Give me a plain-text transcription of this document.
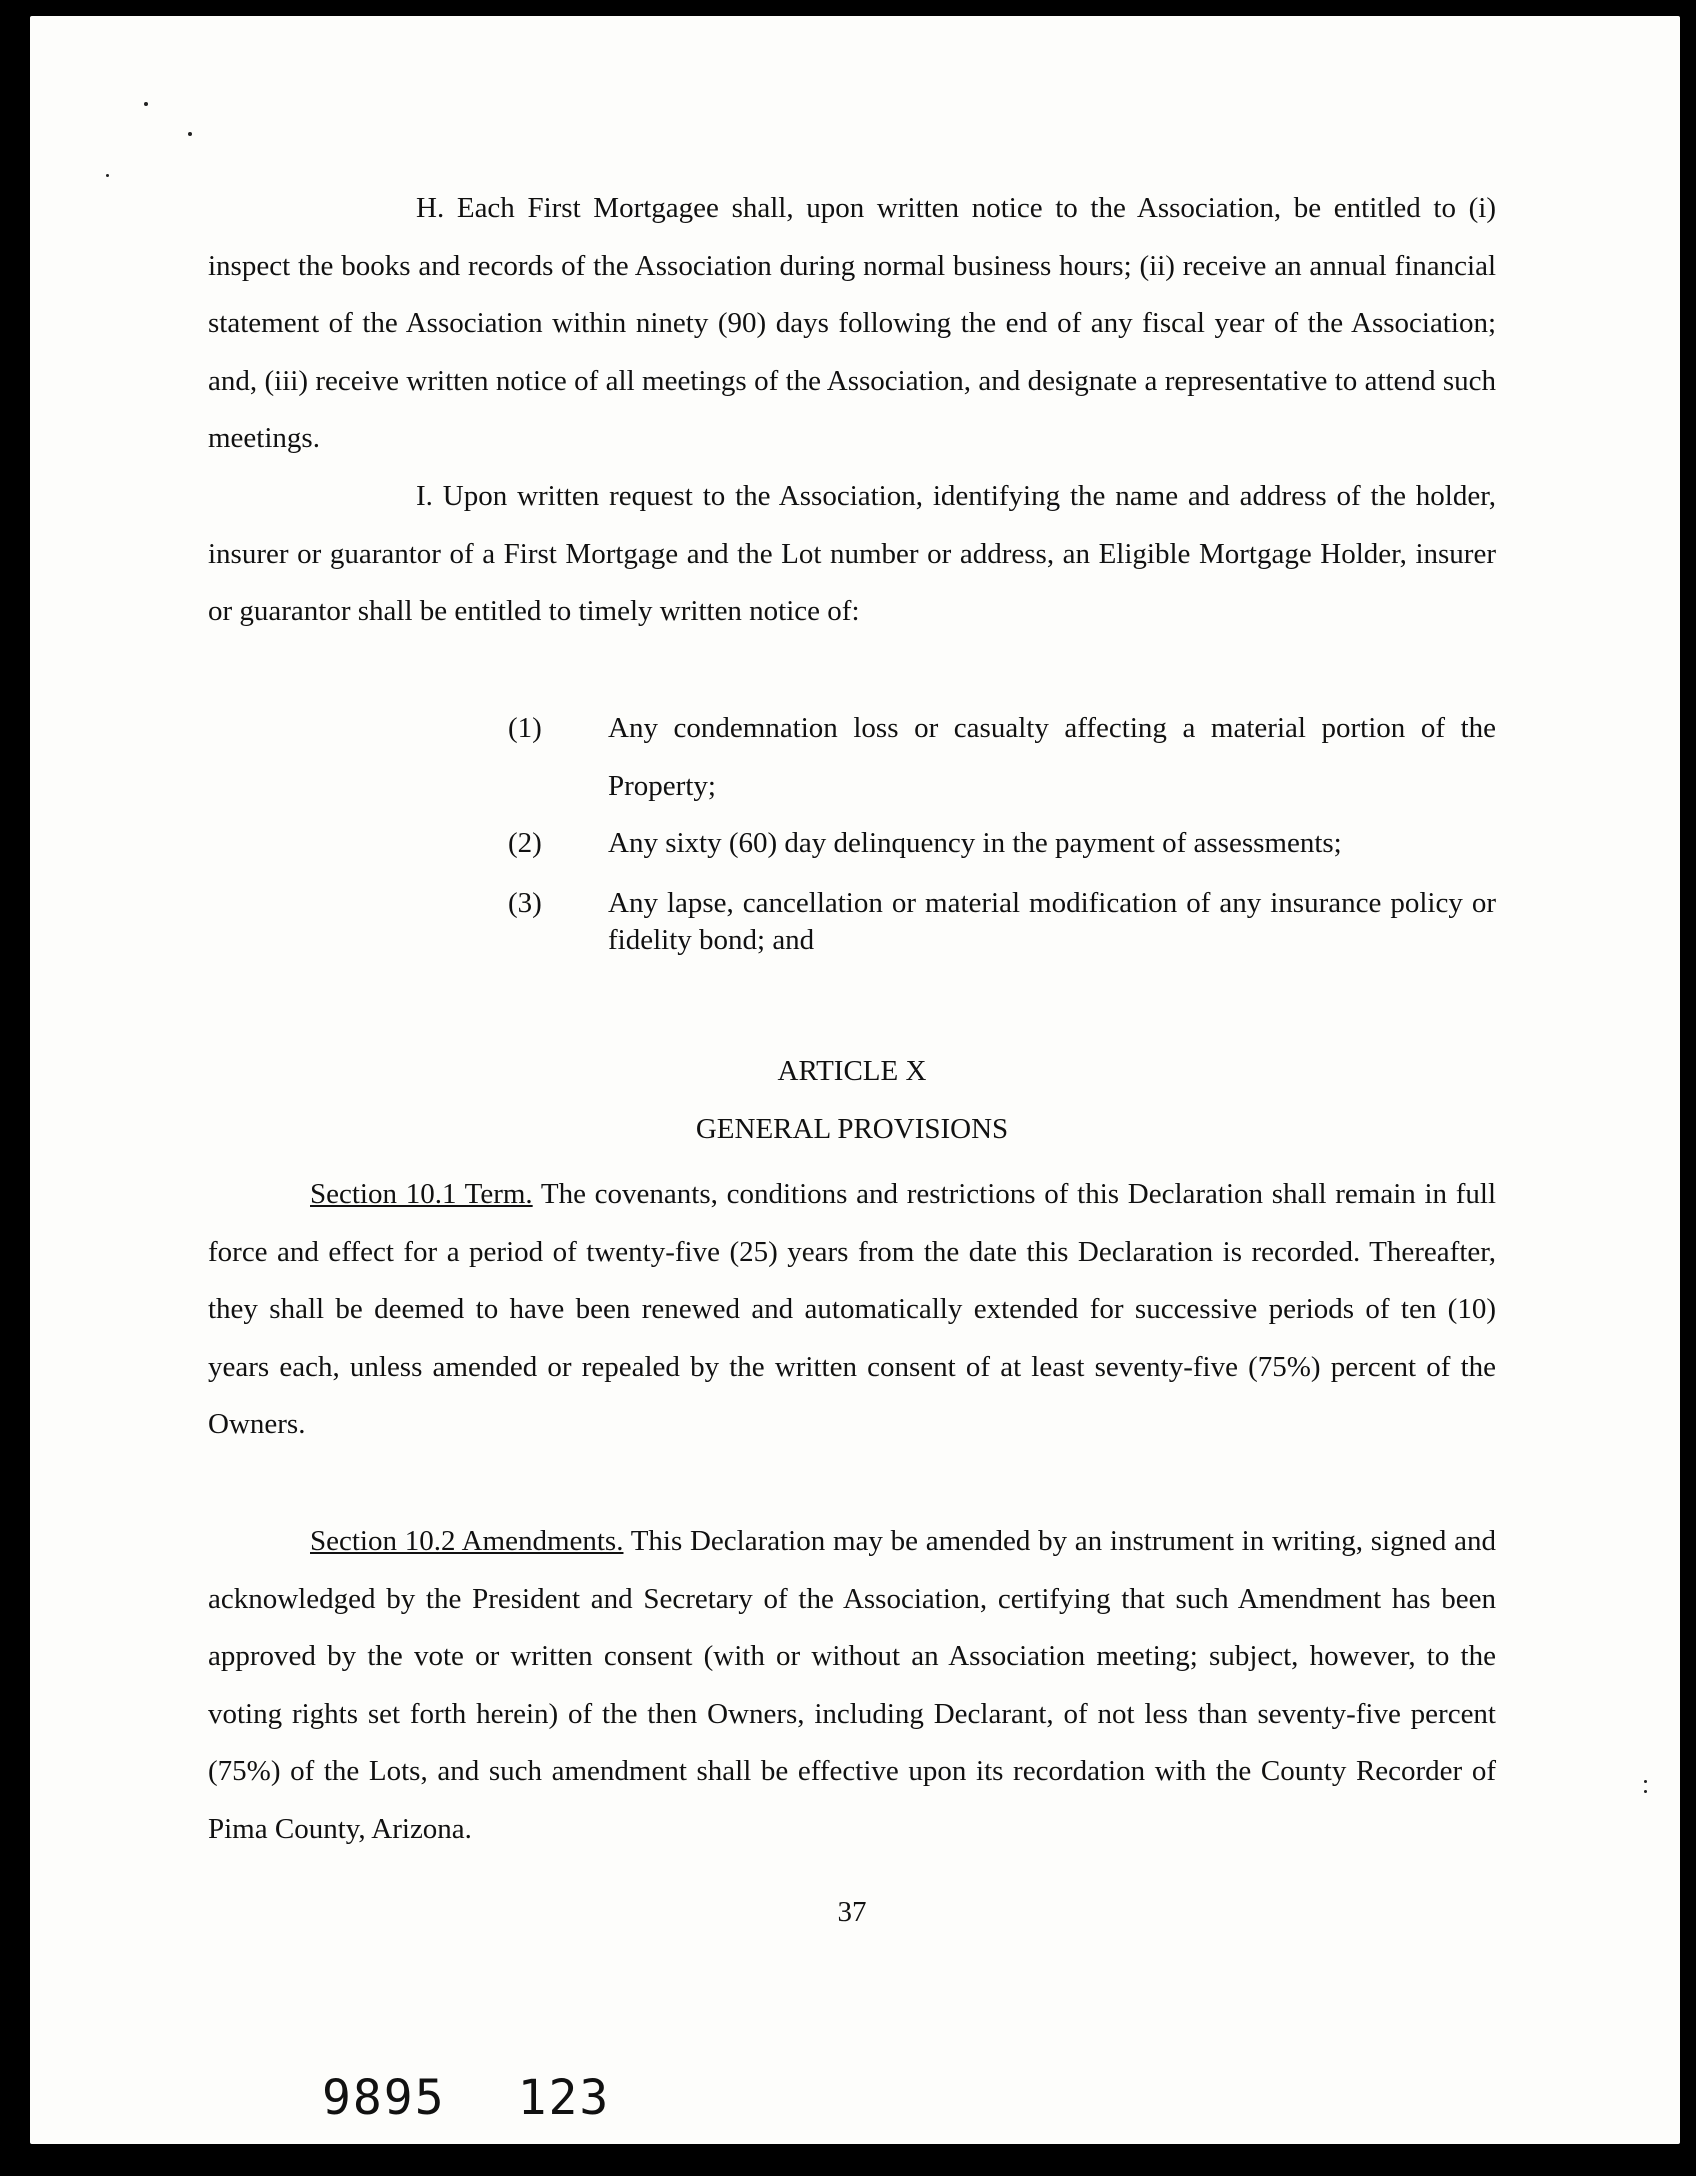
H. Each First Mortgagee shall, upon written notice to the Association, be entitled to (i) inspect the books and records of the Association during normal business hours; (ii) receive an annual financial statement of the Association within ninety (90) days following the end of any fiscal year of the Association; and, (iii) receive written notice of all meetings of the Association, and designate a representative to attend such meetings.

I. Upon written request to the Association, identifying the name and address of the holder, insurer or guarantor of a First Mortgage and the Lot number or address, an Eligible Mortgage Holder, insurer or guarantor shall be entitled to timely written notice of:

(1)	Any condemnation loss or casualty affecting a material portion of the Property;
(2)	Any sixty (60) day delinquency in the payment of assessments;
(3)	Any lapse, cancellation or material modification of any insurance policy or fidelity bond; and

ARTICLE X

GENERAL PROVISIONS

Section 10.1 Term. The covenants, conditions and restrictions of this Declaration shall remain in full force and effect for a period of twenty-five (25) years from the date this Declaration is recorded. Thereafter, they shall be deemed to have been renewed and automatically extended for successive periods of ten (10) years each, unless amended or repealed by the written consent of at least seventy-five (75%) percent of the Owners.

Section 10.2 Amendments. This Declaration may be amended by an instrument in writing, signed and acknowledged by the President and Secretary of the Association, certifying that such Amendment has been approved by the vote or written consent (with or without an Association meeting; subject, however, to the voting rights set forth herein) of the then Owners, including Declarant, of not less than seventy-five percent (75%) of the Lots, and such amendment shall be effective upon its recordation with the County Recorder of Pima County, Arizona.

37

9895 123
